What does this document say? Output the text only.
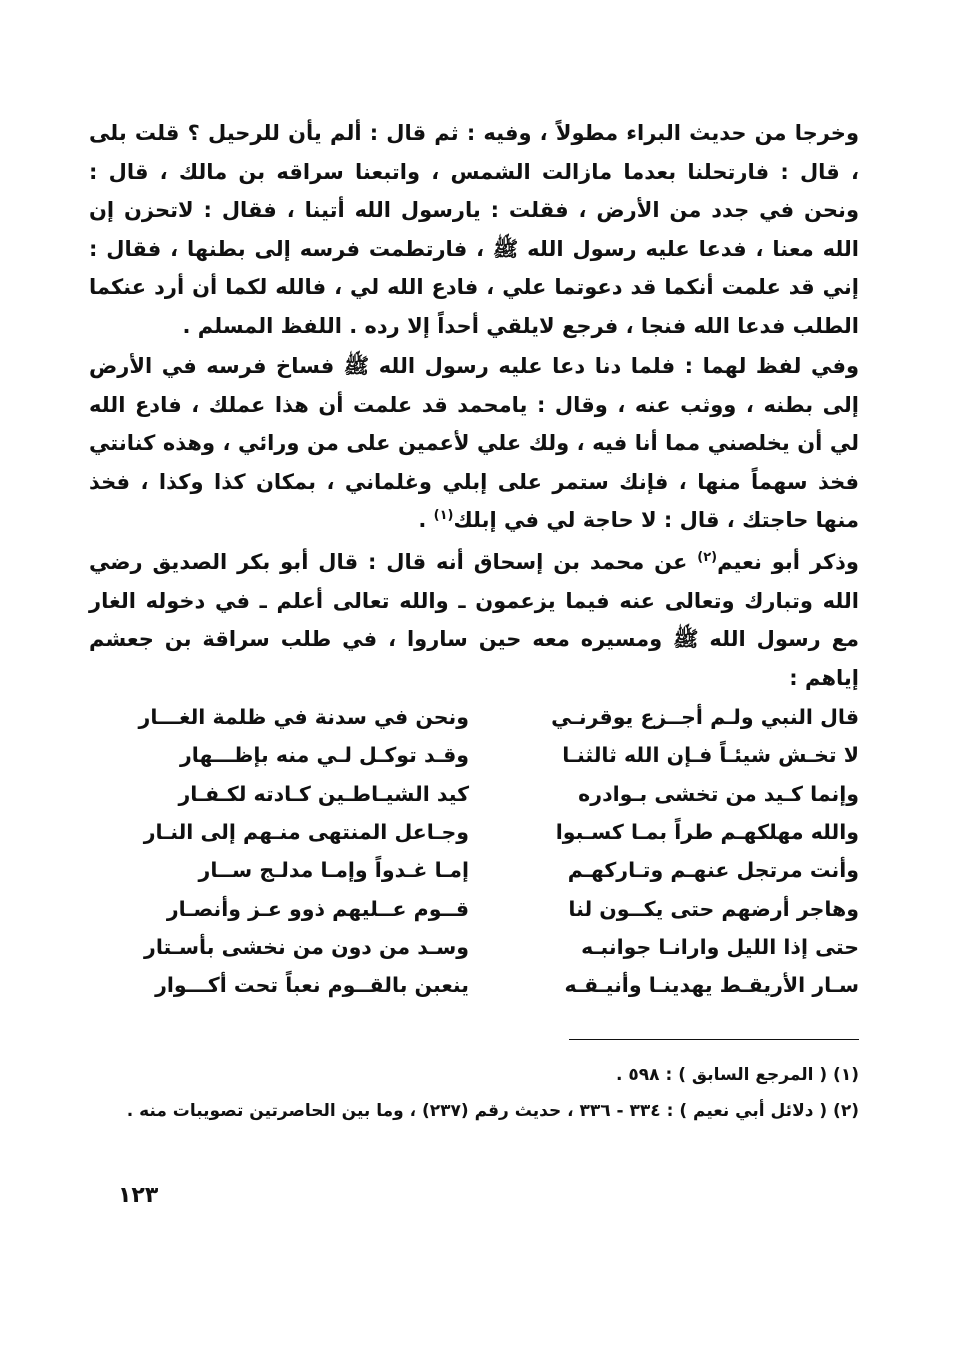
وخرجا من حديث البراء مطولاً ، وفيه : ثم قال : ألم يأن للرحيل ؟ قلت بلى ، قال : فارتحلنا بعدما مازالت الشمس ، واتبعنا سراقه بن مالك ، قال : ونحن في جدد من الأرض ، فقلت : يارسول الله أتينا ، فقال : لاتحزن إن الله معنا ، فدعا عليه رسول الله ﷺ ، فارتطمت فرسه إلى بطنها ، فقال : إني قد علمت أنكما قد دعوتما علي ، فادع الله لي ، فالله لكما أن أرد عنكما الطلب فدعا الله فنجا ، فرجع لايلقي أحداً إلا رده . اللفظ المسلم .

وفي لفظ لهما : فلما دنا دعا عليه رسول الله ﷺ فساخ فرسه في الأرض إلى بطنه ، ووثب عنه ، وقال : يامحمد قد علمت أن هذا عملك ، فادع الله لي أن يخلصني مما أنا فيه ، ولك علي لأعمين على من ورائي ، وهذه كنانتي فخذ سهماً منها ، فإنك ستمر على إبلي وغلماني ، بمكان كذا وكذا ، فخذ منها حاجتك ، قال : لا حاجة لي في إبلك$^{(١)}$ .

وذكر أبو نعيم$^{(٢)}$ عن محمد بن إسحاق أنه قال : قال أبو بكر الصديق رضي الله وتبارك وتعالى عنه فيما يزعمون ـ والله تعالى أعلم ـ في دخوله الغار مع رسول الله ﷺ ومسيره معه حين ساروا ، في طلب سراقة بن جعشم إياهم :

قال النبي ولـم أجــزع يوقرنـي
ونحن في سدنة في ظلمة الغـــار
لا تخـش شيئـاً فـإن الله ثالثنـا
وقـد توكـل لـي منه بإظـــهار
وإنما كـيد من تخشى بـوادره
كيد الشيـاطـين كـادته لكـفـار
والله مهلكهـم طراً بمـا كسـبوا
وجـاعل المنتهى منـهم إلى النـار
وأنت مرتجل عنهـم وتـاركهـم
إمـا غـدواً وإمـا مدلـج ســار
وهاجر أرضهم حتى يكــون لنا
قــوم عــليهم ذوو عـز وأنصـار
حتى إذا الليل وارانـا جوانبـه
وسـد من دون من نخشى بأسـتار
سـار الأريقـط يهدينـا وأنيـقـه
ينعبن بالقــوم نعباً تحت أكـــوار

(١) ( المرجع السابق ) : ٥٩٨ .

(٢) ( دلائل أبي نعيم ) : ٣٣٤ - ٣٣٦ ، حديث رقم (٢٣٧) ، وما بين الحاصرتين تصويبات منه .

١٢٣
